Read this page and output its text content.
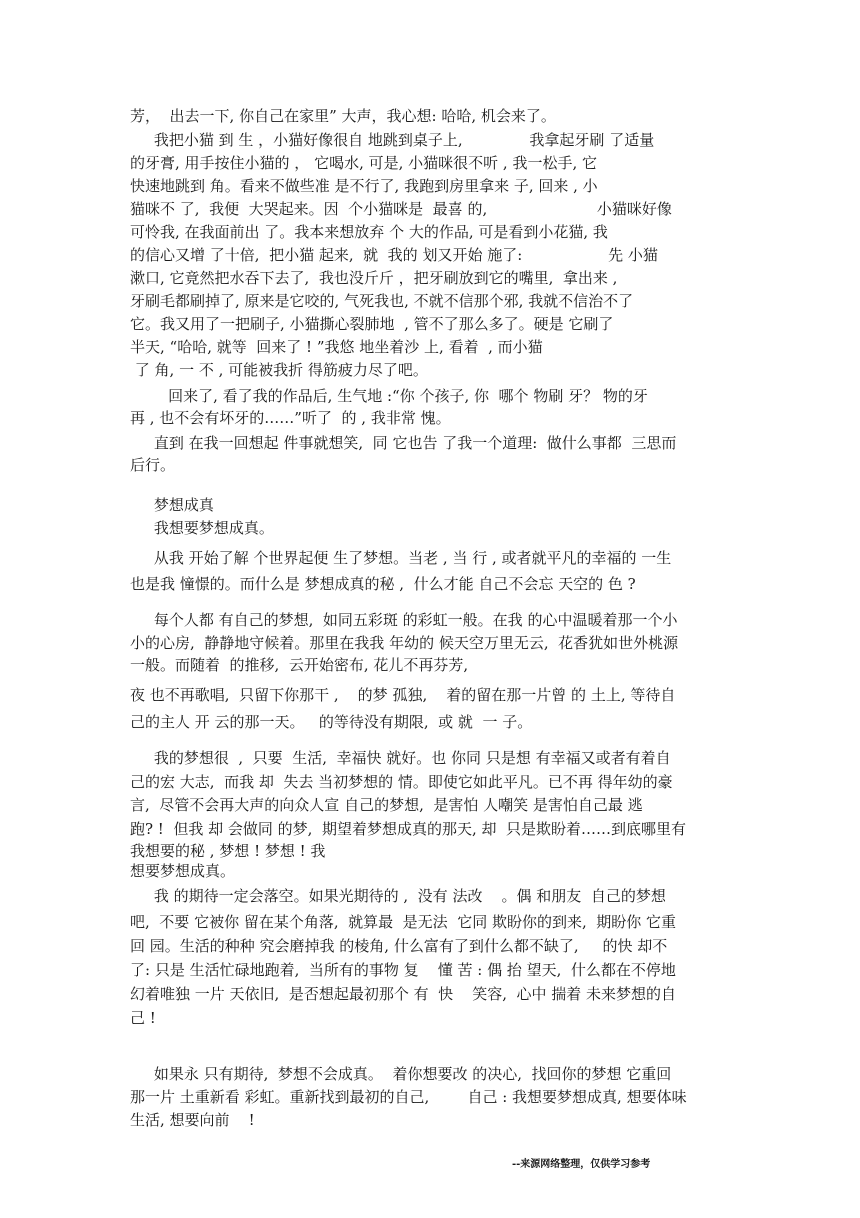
芳，  出去一下, 你自己在家里” 大声，我心想: 哈哈, 机会来了。
我把小猫 到 生 ，小猫好像很自 地跳到桌子上,              我拿起牙刷 了适量
的牙膏, 用手按住小猫的 ， 它喝水, 可是, 小猫咪很不听 , 我一松手, 它
快速地跳到 角。看来不做些准 是不行了, 我跑到房里拿来 子, 回来 , 小
猫咪不 了,  我便  大哭起来。因  个小猫咪是  最喜 的,                       小猫咪好像
可怜我, 在我面前出 了。我本来想放弃 个 大的作品, 可是看到小花猫, 我
的信心又增 了十倍,  把小猫 起来,  就  我的 划又开始 施了:                  先 小猫
漱口, 它竟然把水吞下去了,  我也没斤斤 ，把牙刷放到它的嘴里,  拿出来 ,
牙刷毛都刷掉了, 原来是它咬的, 气死我也, 不就不信那个邪, 我就不信治不了
它。我又用了一把刷子, 小猫撕心裂肺地  , 管不了那么多了。硬是 它刷了
半天, “哈哈, 就等  回来了 ! ”我悠 地坐着沙 上, 看着  , 而小猫
了 角, 一 不 , 可能被我折 得筋疲力尽了吧。
回来了, 看了我的作品后, 生气地 :“你 个孩子, 你  哪个 物刷 牙？ 物的牙
再 , 也不会有坏牙的……”听了  的 , 我非常 愧。
直到 在我一回想起 件事就想笑,  同 它也告 了我一个道理:  做什么事都  三思而
后行。
梦想成真
我想要梦想成真。
从我 开始了解 个世界起便 生了梦想。当老 , 当 行 , 或者就平凡的幸福的 一生
也是我 憧憬的。而什么是 梦想成真的秘 ,  什么才能 自己不会忘 天空的 色 ?
每个人都 有自己的梦想,  如同五彩斑 的彩虹一般。在我 的心中温暖着那一个小
小的心房,  静静地守候着。那里在我我 年幼的 候天空万里无云,  花香犹如世外桃源
一般。而随着  的推移,  云开始密布, 花儿不再芬芳,
夜 也不再歌唱,  只留下你那干 ,    的梦 孤独,    着的留在那一片曾 的 土上, 等待自
己的主人 开 云的那一天。   的等待没有期限,  或 就  一 子。
我的梦想很  ,  只要  生活,  幸福快 就好。也 你同 只是想 有幸福又或者有着自
己的宏 大志,  而我 却  失去 当初梦想的 情。即使它如此平凡。已不再 得年幼的豪
言,  尽管不会再大声的向众人宣 自己的梦想,  是害怕 人嘲笑 是害怕自己最 逃
跑? !  但我 却 会做同 的梦,  期望着梦想成真的那天, 却  只是欺盼着……到底哪里有
我想要的秘 , 梦想 ! 梦想 ! 我
想要梦想成真。
我 的期待一定会落空。如果光期待的 ,  没有 法改    。偶 和朋友  自己的梦想
吧,  不要 它被你 留在某个角落,  就算最  是无法  它同 欺盼你的到来,  期盼你 它重
回 园。生活的种种 究会磨掉我 的棱角, 什么富有了到什么都不缺了,     的快 却不
了: 只是 生活忙碌地跑着,  当所有的事物 复    懂 苦 : 偶 抬 望天,  什么都在不停地
幻着唯独 一片 天依旧,  是否想起最初那个 有  快    笑容,  心中 揣着 未来梦想的自
己 !
如果永 只有期待,  梦想不会成真。  着你想要改 的决心,  找回你的梦想 它重回
那一片 土重新看 彩虹。重新找到最初的自己,        自己 : 我想要梦想成真, 想要体味
生活, 想要向前    !
--来源网络整理，仅供学习参考
